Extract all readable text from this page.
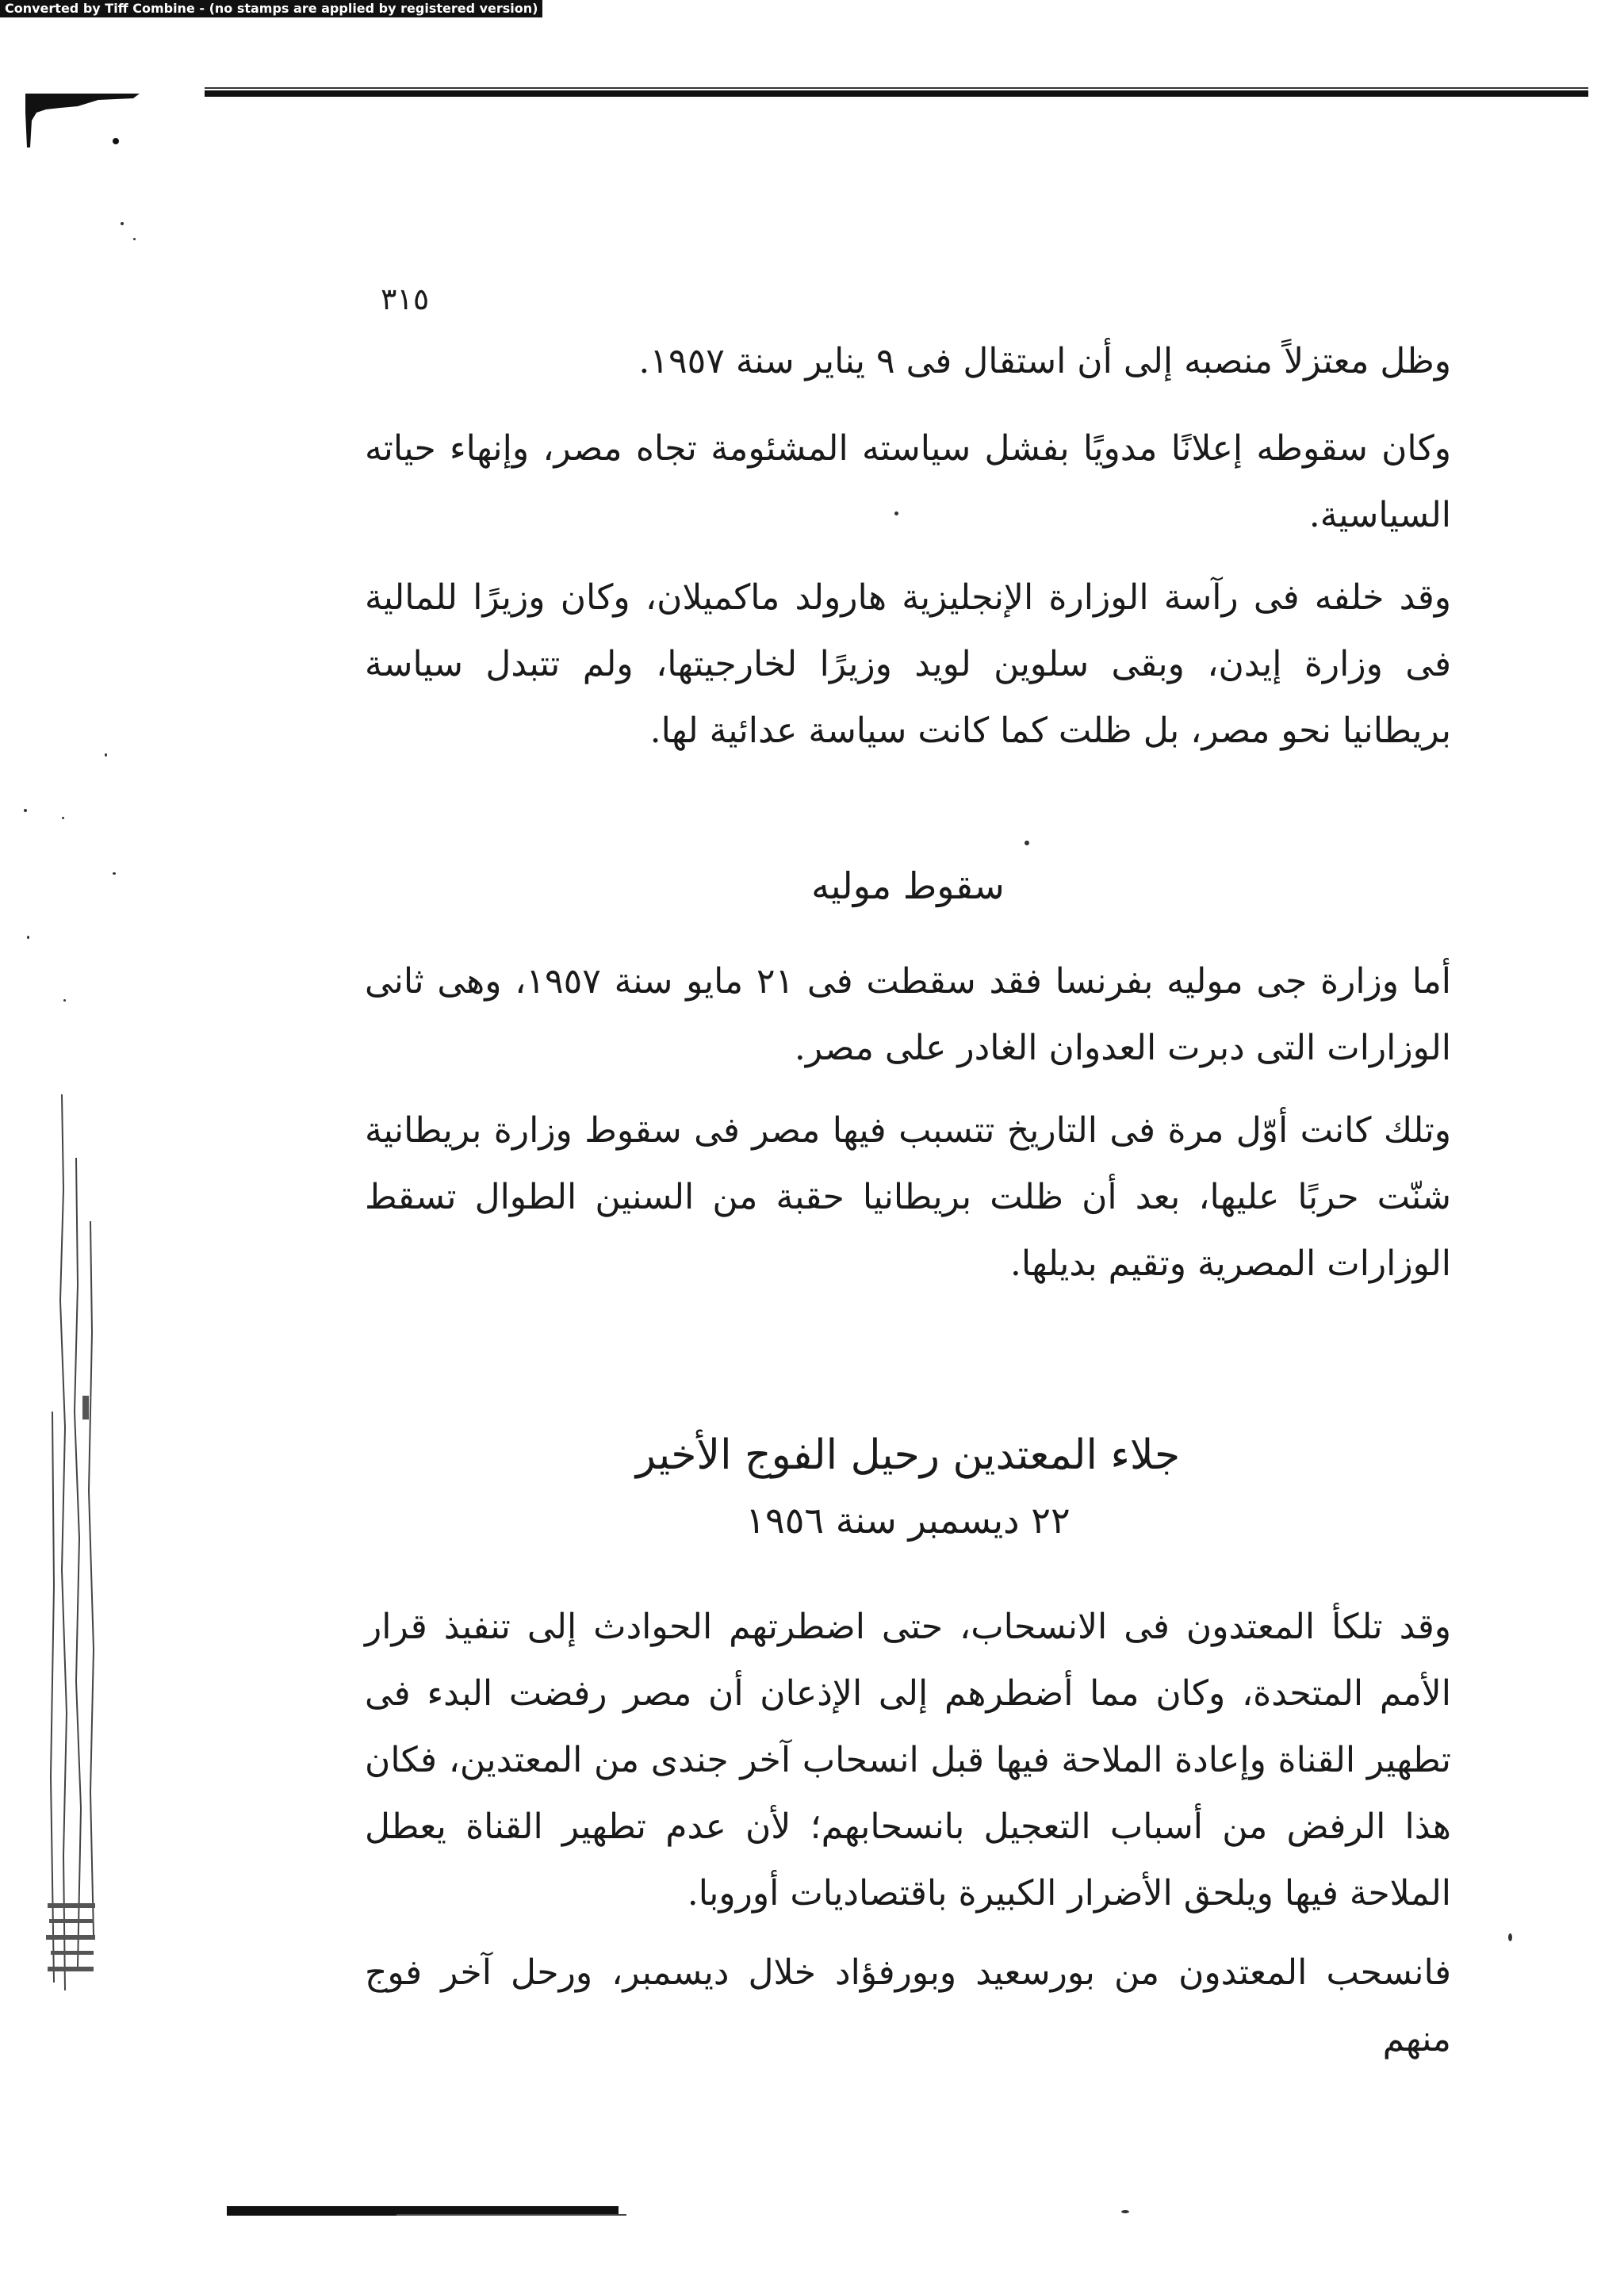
Converted by Tiff Combine - (no stamps are applied by registered version)
٣١٥
وظل معتزلاً منصبه إلى أن استقال فى ٩ يناير سنة ١٩٥٧.
وكان سقوطه إعلانًا مدويًا بفشل سياسته المشئومة تجاه مصر، وإنهاء حياته السياسية.
وقد خلفه فى رآسة الوزارة الإنجليزية هارولد ماكميلان، وكان وزيرًا للمالية فى وزارة إيدن، وبقى سلوين لويد وزيرًا لخارجيتها، ولم تتبدل سياسة بريطانيا نحو مصر، بل ظلت كما كانت سياسة عدائية لها.
سقوط موليه
أما وزارة جى موليه بفرنسا فقد سقطت فى ٢١ مايو سنة ١٩٥٧، وهى ثانى الوزارات التى دبرت العدوان الغادر على مصر.
وتلك كانت أوّل مرة فى التاريخ تتسبب فيها مصر فى سقوط وزارة بريطانية شنّت حربًا عليها، بعد أن ظلت بريطانيا حقبة من السنين الطوال تسقط الوزارات المصرية وتقيم بديلها.
جلاء المعتدين رحيل الفوج الأخير
٢٢ ديسمبر سنة ١٩٥٦
وقد تلكأ المعتدون فى الانسحاب، حتى اضطرتهم الحوادث إلى تنفيذ قرار الأمم المتحدة، وكان مما أضطرهم إلى الإذعان أن مصر رفضت البدء فى تطهير القناة وإعادة الملاحة فيها قبل انسحاب آخر جندى من المعتدين، فكان هذا الرفض من أسباب التعجيل بانسحابهم؛ لأن عدم تطهير القناة يعطل الملاحة فيها ويلحق الأضرار الكبيرة باقتصاديات أوروبا.
فانسحب المعتدون من بورسعيد وبورفؤاد خلال ديسمبر، ورحل آخر فوج منهم
